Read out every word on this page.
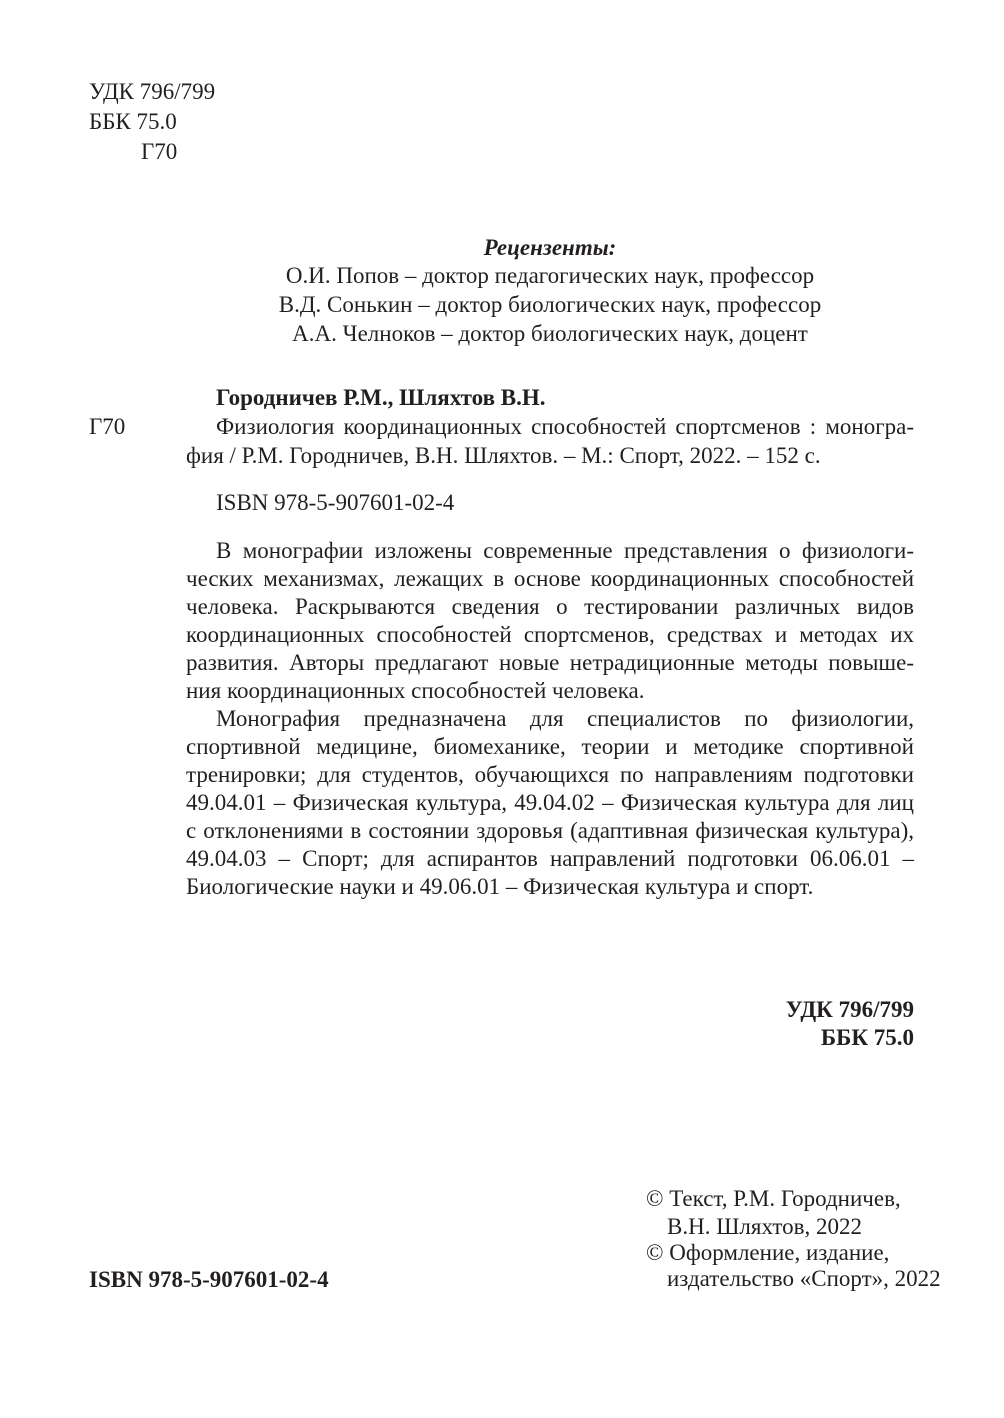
УДК 796/799
ББК 75.0
Г70
Рецензенты:
О.И. Попов – доктор педагогических наук, профессор
В.Д. Сонькин – доктор биологических наук, профессор
А.А. Челноков – доктор биологических наук, доцент
Городничев Р.М., Шляхтов В.Н.
Г70	Физиология координационных способностей спортсменов : моногра-
фия / Р.М. Городничев, В.Н. Шляхтов. – М.: Спорт, 2022. – 152 с.
ISBN 978-5-907601-02-4
В монографии изложены современные представления о физиологи-
ческих механизмах, лежащих в основе координационных способностей
человека. Раскрываются сведения о тестировании различных видов
координационных способностей спортсменов, средствах и методах их
развития. Авторы предлагают новые нетрадиционные методы повыше-
ния координационных способностей человека.
Монография предназначена для специалистов по физиологии,
спортивной медицине, биомеханике, теории и методике спортивной
тренировки; для студентов, обучающихся по направлениям подготовки
49.04.01 – Физическая культура, 49.04.02 – Физическая культура для лиц
с отклонениями в состоянии здоровья (адаптивная физическая культура),
49.04.03 – Спорт; для аспирантов направлений подготовки 06.06.01 –
Биологические науки и 49.06.01 – Физическая культура и спорт.
УДК 796/799
ББК 75.0
© Текст, Р.М. Городничев,
В.Н. Шляхтов, 2022
© Оформление, издание,
издательство «Спорт», 2022
ISBN 978-5-907601-02-4
